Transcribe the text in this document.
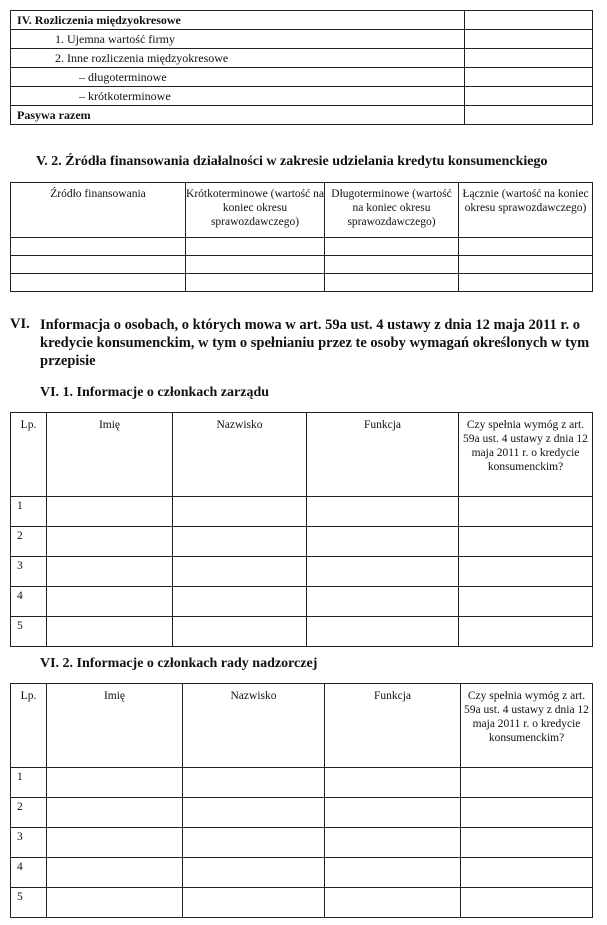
IV. Rozliczenia międzyokresowe	
1. Ujemna wartość firmy	
2. Inne rozliczenia międzyokresowe	
– długoterminowe	
– krótkoterminowe	
Pasywa razem	

V. 2. Źródła finansowania działalności w zakresie udzielania kredytu konsumenckiego

Źródło finansowania	Krótkoterminowe (wartość na koniec okresu sprawozdawczego)	Długoterminowe (wartość na koniec okresu sprawozdawczego)	Łącznie (wartość na koniec okresu sprawozdawczego)

VI. Informacja o osobach, o których mowa w art. 59a ust. 4 ustawy z dnia 12 maja 2011 r. o kredycie konsumenckim, w tym o spełnianiu przez te osoby wymagań określonych w tym przepisie

VI. 1. Informacje o członkach zarządu

Lp.	Imię	Nazwisko	Funkcja	Czy spełnia wymóg z art. 59a ust. 4 ustawy z dnia 12 maja 2011 r. o kredycie konsumenckim?
1				
2				
3				
4				
5				

VI. 2. Informacje o członkach rady nadzorczej

Lp.	Imię	Nazwisko	Funkcja	Czy spełnia wymóg z art. 59a ust. 4 ustawy z dnia 12 maja 2011 r. o kredycie konsumenckim?
1				
2				
3				
4				
5				
